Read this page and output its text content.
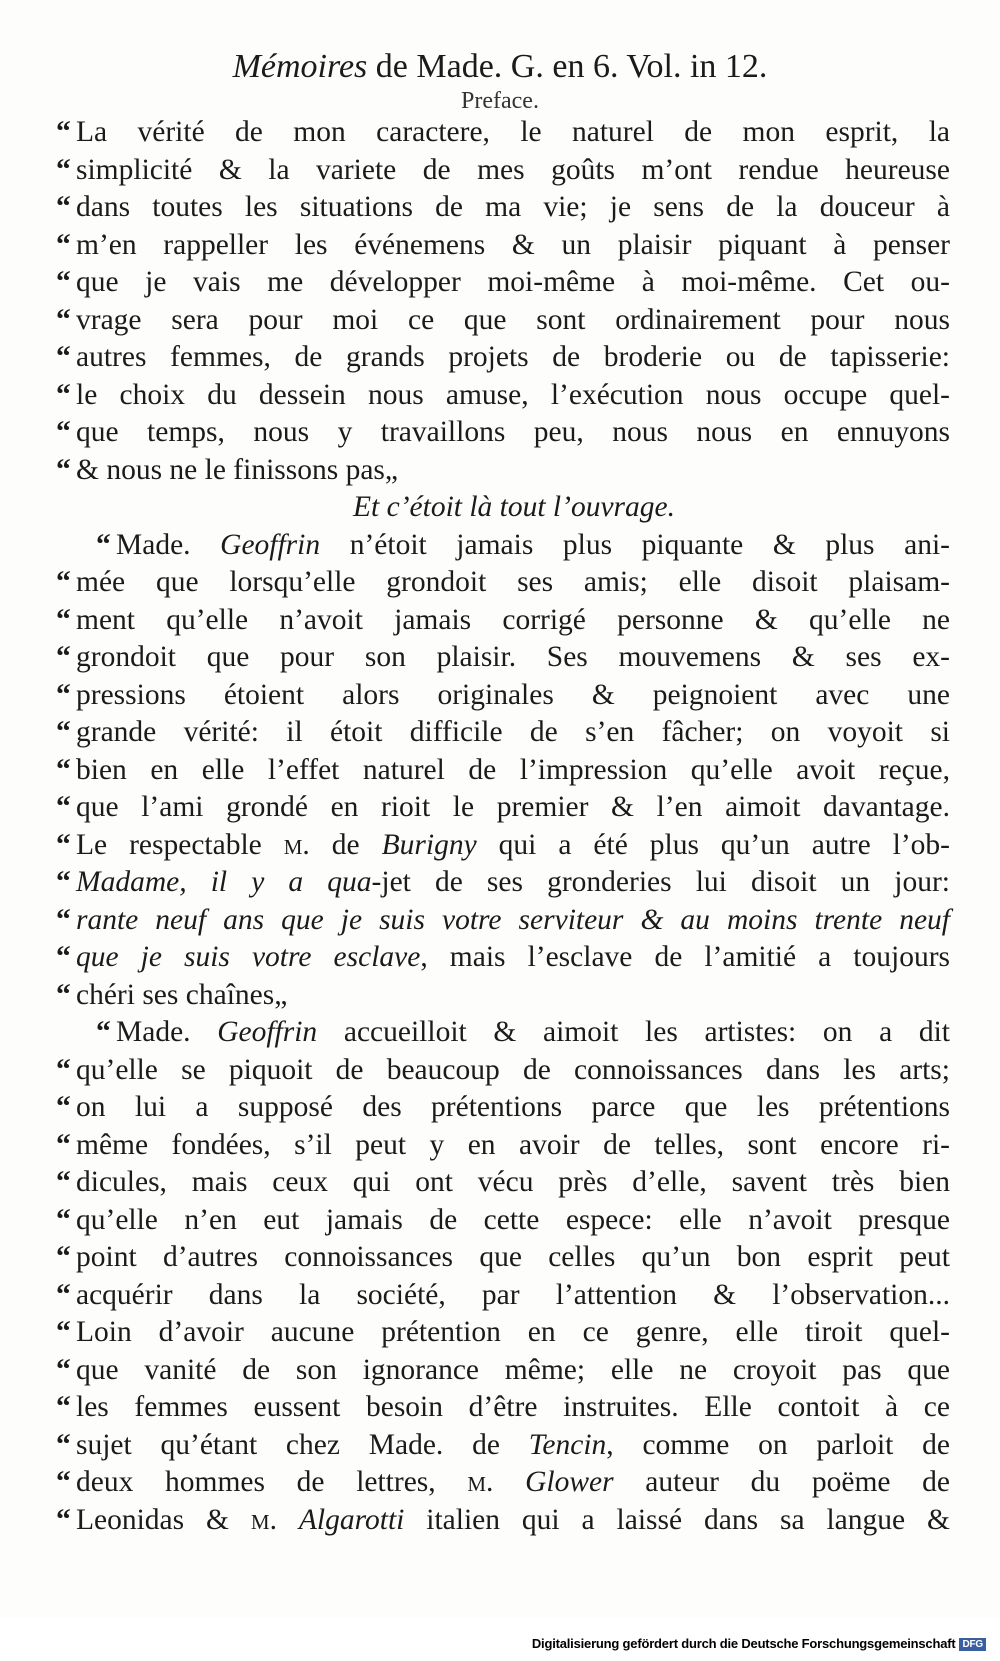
Mémoires de Made. G. en 6. Vol. in 12.
Preface.
“ La vérité de mon caractere, le naturel de mon esprit, la
“ simplicité & la variete de mes goûts m’ont rendue heureuse
“ dans toutes les situations de ma vie; je sens de la douceur à
“ m’en rappeller les événemens & un plaisir piquant à penser
“ que je vais me développer moi-même à moi-même. Cet ou-
“ vrage sera pour moi ce que sont ordinairement pour nous
“ autres femmes, de grands projets de broderie ou de tapisserie:
“ le choix du dessein nous amuse, l’exécution nous occupe quel-
“ que temps, nous y travaillons peu, nous nous en ennuyons
“ & nous ne le finissons pas„
Et c’étoit là tout l’ouvrage.
“ Made. Geoffrin n’étoit jamais plus piquante & plus ani-
“ mée que lorsqu’elle grondoit ses amis; elle disoit plaisam-
“ ment qu’elle n’avoit jamais corrigé personne & qu’elle ne
“ grondoit que pour son plaisir. Ses mouvemens & ses ex-
“ pressions étoient alors originales & peignoient avec une
“ grande vérité: il étoit difficile de s’en fâcher; on voyoit si
“ bien en elle l’effet naturel de l’impression qu’elle avoit reçue,
“ que l’ami grondé en rioit le premier & l’en aimoit davantage.
“ Le respectable m. de Burigny qui a été plus qu’un autre l’ob-
“ Madame, il y a qua-jet de ses gronderies lui disoit un jour:
“ rante neuf ans que je suis votre serviteur & au moins trente neuf
“ que je suis votre esclave, mais l’esclave de l’amitié a toujours
“ chéri ses chaînes„
“ Made. Geoffrin accueilloit & aimoit les artistes: on a dit
“ qu’elle se piquoit de beaucoup de connoissances dans les arts;
“ on lui a supposé des prétentions parce que les prétentions
“ même fondées, s’il peut y en avoir de telles, sont encore ri-
“ dicules, mais ceux qui ont vécu près d’elle, savent très bien
“ qu’elle n’en eut jamais de cette espece: elle n’avoit presque
“ point d’autres connoissances que celles qu’un bon esprit peut
“ acquérir dans la société, par l’attention & l’observation...
“ Loin d’avoir aucune prétention en ce genre, elle tiroit quel-
“ que vanité de son ignorance même; elle ne croyoit pas que
“ les femmes eussent besoin d’être instruites. Elle contoit à ce
“ sujet qu’étant chez Made. de Tencin, comme on parloit de
“ deux hommes de lettres, m. Glower auteur du poëme de
“ Leonidas & m. Algarotti italien qui a laissé dans sa langue &
Digitalisierung gefördert durch die Deutsche Forschungsgemeinschaft DFG
